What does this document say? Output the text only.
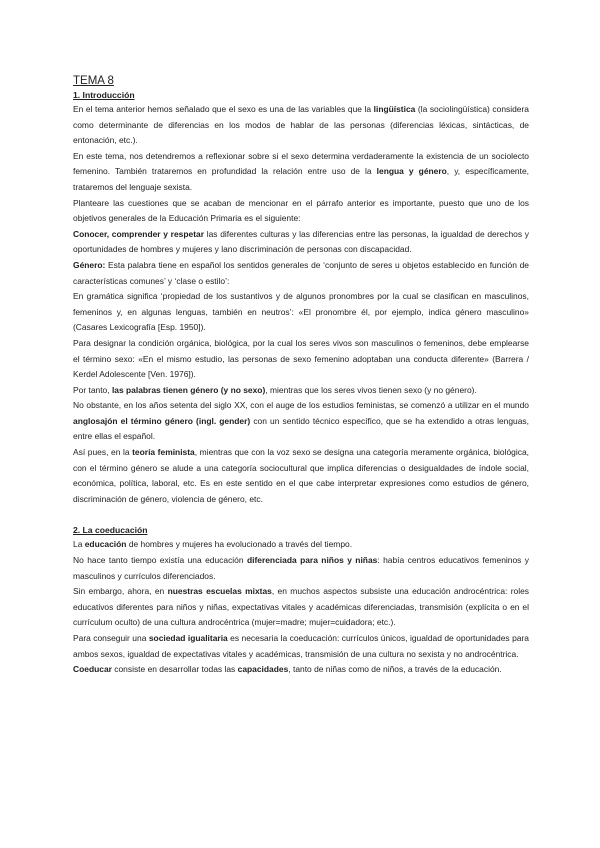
TEMA 8
1. Introducción

En el tema anterior hemos señalado que el sexo es una de las variables que la lingüística (la sociolingüística) considera como determinante de diferencias en los modos de hablar de las personas (diferencias léxicas, sintácticas, de entonación, etc.).

En este tema, nos detendremos a reflexionar sobre si el sexo determina verdaderamente la existencia de un sociolecto femenino. También trataremos en profundidad la relación entre uso de la lengua y género, y, específicamente, trataremos del lenguaje sexista.

Planteare las cuestiones que se acaban de mencionar en el párrafo anterior es importante, puesto que uno de los objetivos generales de la Educación Primaria es el siguiente:

Conocer, comprender y respetar las diferentes culturas y las diferencias entre las personas, la igualdad de derechos y oportunidades de hombres y mujeres y lano discriminación de personas con discapacidad.

Género: Esta palabra tiene en español los sentidos generales de ‘conjunto de seres u objetos establecido en función de características comunes’ y ‘clase o estilo’:

En gramática significa ‘propiedad de los sustantivos y de algunos pronombres por la cual se clasifican en masculinos, femeninos y, en algunas lenguas, también en neutros’: «El pronombre él, por ejemplo, indica género masculino» (Casares Lexicografía [Esp. 1950]).

Para designar la condición orgánica, biológica, por la cual los seres vivos son masculinos o femeninos, debe emplearse el término sexo: «En el mismo estudio, las personas de sexo femenino adoptaban una conducta diferente» (Barrera / Kerdel Adolescente [Ven. 1976]).

Por tanto, las palabras tienen género (y no sexo), mientras que los seres vivos tienen sexo (y no género).

No obstante, en los años setenta del siglo XX, con el auge de los estudios feministas, se comenzó a utilizar en el mundo anglosajón el término género (ingl. gender) con un sentido técnico específico, que se ha extendido a otras lenguas, entre ellas el español.

Así pues, en la teoría feminista, mientras que con la voz sexo se designa una categoría meramente orgánica, biológica, con el término género se alude a una categoría sociocultural que implica diferencias o desigualdades de índole social, económica, política, laboral, etc. Es en este sentido en el que cabe interpretar expresiones como estudios de género, discriminación de género, violencia de género, etc.

2. La coeducación

La educación de hombres y mujeres ha evolucionado a través del tiempo.

No hace tanto tiempo existía una educación diferenciada para niños y niñas: había centros educativos femeninos y masculinos y currículos diferenciados.

Sin embargo, ahora, en nuestras escuelas mixtas, en muchos aspectos subsiste una educación androcéntrica: roles educativos diferentes para niños y niñas, expectativas vitales y académicas diferenciadas, transmisión (explícita o en el currículum oculto) de una cultura androcéntrica (mujer=madre; mujer=cuidadora; etc.).

Para conseguir una sociedad igualitaria es necesaria la coeducación: currículos únicos, igualdad de oportunidades para ambos sexos, igualdad de expectativas vitales y académicas, transmisión de una cultura no sexista y no androcéntrica.

Coeducar consiste en desarrollar todas las capacidades, tanto de niñas como de niños, a través de la educación.
